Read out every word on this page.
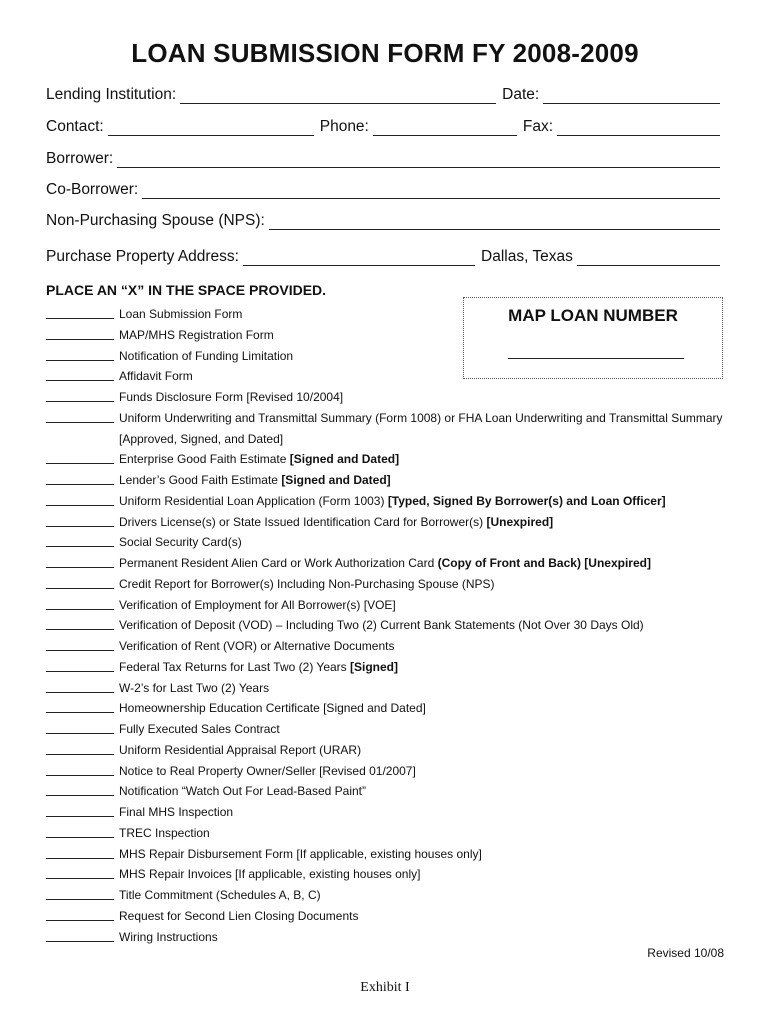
LOAN SUBMISSION FORM FY 2008-2009
Lending Institution:	Date:
Contact:	Phone:	Fax:
Borrower:
Co-Borrower:
Non-Purchasing Spouse (NPS):
Purchase Property Address:	Dallas, Texas
PLACE AN “X” IN THE SPACE PROVIDED.
MAP LOAN NUMBER
Loan Submission Form
MAP/MHS Registration Form
Notification of Funding Limitation
Affidavit Form
Funds Disclosure Form [Revised 10/2004]
Uniform Underwriting and Transmittal Summary (Form 1008) or FHA Loan Underwriting and Transmittal Summary [Approved, Signed, and Dated]
Enterprise Good Faith Estimate [Signed and Dated]
Lender’s Good Faith Estimate [Signed and Dated]
Uniform Residential Loan Application (Form 1003) [Typed, Signed By Borrower(s) and Loan Officer]
Drivers License(s) or State Issued Identification Card for Borrower(s) [Unexpired]
Social Security Card(s)
Permanent Resident Alien Card or Work Authorization Card (Copy of Front and Back) [Unexpired]
Credit Report for Borrower(s) Including Non-Purchasing Spouse (NPS)
Verification of Employment for All Borrower(s) [VOE]
Verification of Deposit (VOD) – Including Two (2) Current Bank Statements (Not Over 30 Days Old)
Verification of Rent (VOR) or Alternative Documents
Federal Tax Returns for Last Two (2) Years [Signed]
W-2’s for Last Two (2) Years
Homeownership Education Certificate [Signed and Dated]
Fully Executed Sales Contract
Uniform Residential Appraisal Report (URAR)
Notice to Real Property Owner/Seller [Revised 01/2007]
Notification “Watch Out For Lead-Based Paint”
Final MHS Inspection
TREC Inspection
MHS Repair Disbursement Form [If applicable, existing houses only]
MHS Repair Invoices [If applicable, existing houses only]
Title Commitment (Schedules A, B, C)
Request for Second Lien Closing Documents
Wiring Instructions
Revised 10/08
Exhibit I
